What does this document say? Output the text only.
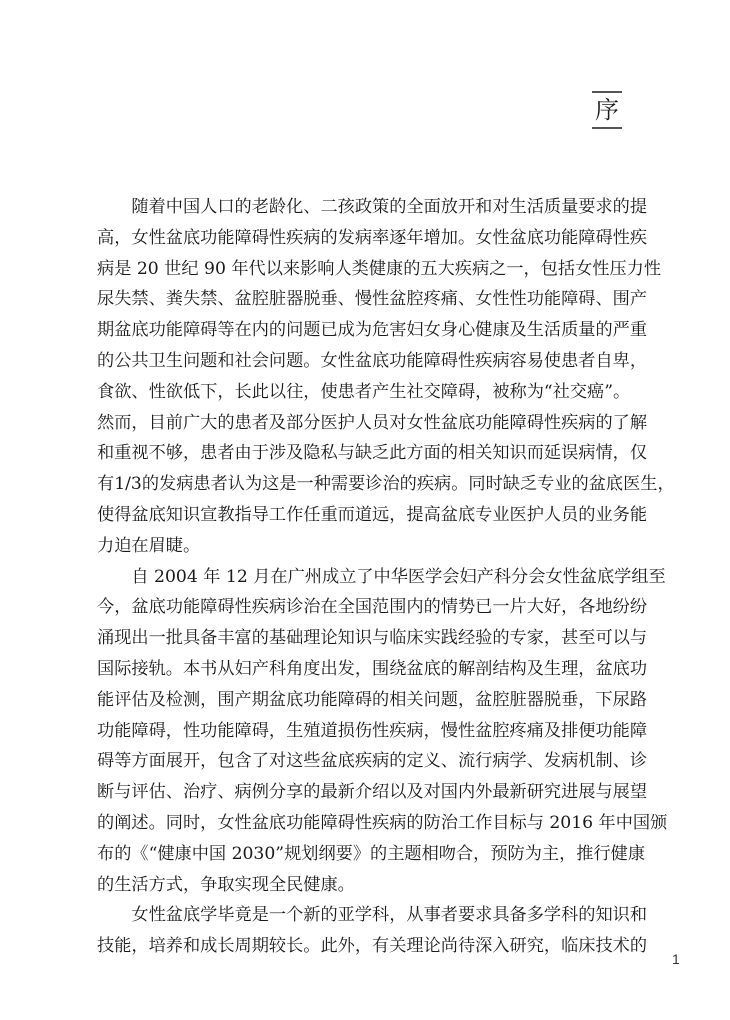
序
　　随着中国人口的老龄化、二孩政策的全面放开和对生活质量要求的提
高，女性盆底功能障碍性疾病的发病率逐年增加。女性盆底功能障碍性疾
病是 20 世纪 90 年代以来影响人类健康的五大疾病之一，包括女性压力性
尿失禁、粪失禁、盆腔脏器脱垂、慢性盆腔疼痛、女性性功能障碍、围产
期盆底功能障碍等在内的问题已成为危害妇女身心健康及生活质量的严重
的公共卫生问题和社会问题。女性盆底功能障碍性疾病容易使患者自卑，
食欲、性欲低下，长此以往，使患者产生社交障碍，被称为“社交癌”。
然而，目前广大的患者及部分医护人员对女性盆底功能障碍性疾病的了解
和重视不够，患者由于涉及隐私与缺乏此方面的相关知识而延误病情，仅
有1/3的发病患者认为这是一种需要诊治的疾病。同时缺乏专业的盆底医生，
使得盆底知识宣教指导工作任重而道远，提高盆底专业医护人员的业务能
力迫在眉睫。
　　自 2004 年 12 月在广州成立了中华医学会妇产科分会女性盆底学组至
今，盆底功能障碍性疾病诊治在全国范围内的情势已一片大好，各地纷纷
涌现出一批具备丰富的基础理论知识与临床实践经验的专家，甚至可以与
国际接轨。本书从妇产科角度出发，围绕盆底的解剖结构及生理，盆底功
能评估及检测，围产期盆底功能障碍的相关问题，盆腔脏器脱垂，下尿路
功能障碍，性功能障碍，生殖道损伤性疾病，慢性盆腔疼痛及排便功能障
碍等方面展开，包含了对这些盆底疾病的定义、流行病学、发病机制、诊
断与评估、治疗、病例分享的最新介绍以及对国内外最新研究进展与展望
的阐述。同时，女性盆底功能障碍性疾病的防治工作目标与 2016 年中国颁
布的《“健康中国 2030”规划纲要》的主题相吻合，预防为主，推行健康
的生活方式，争取实现全民健康。
　　女性盆底学毕竟是一个新的亚学科，从事者要求具备多学科的知识和
技能，培养和成长周期较长。此外，有关理论尚待深入研究，临床技术的
1
